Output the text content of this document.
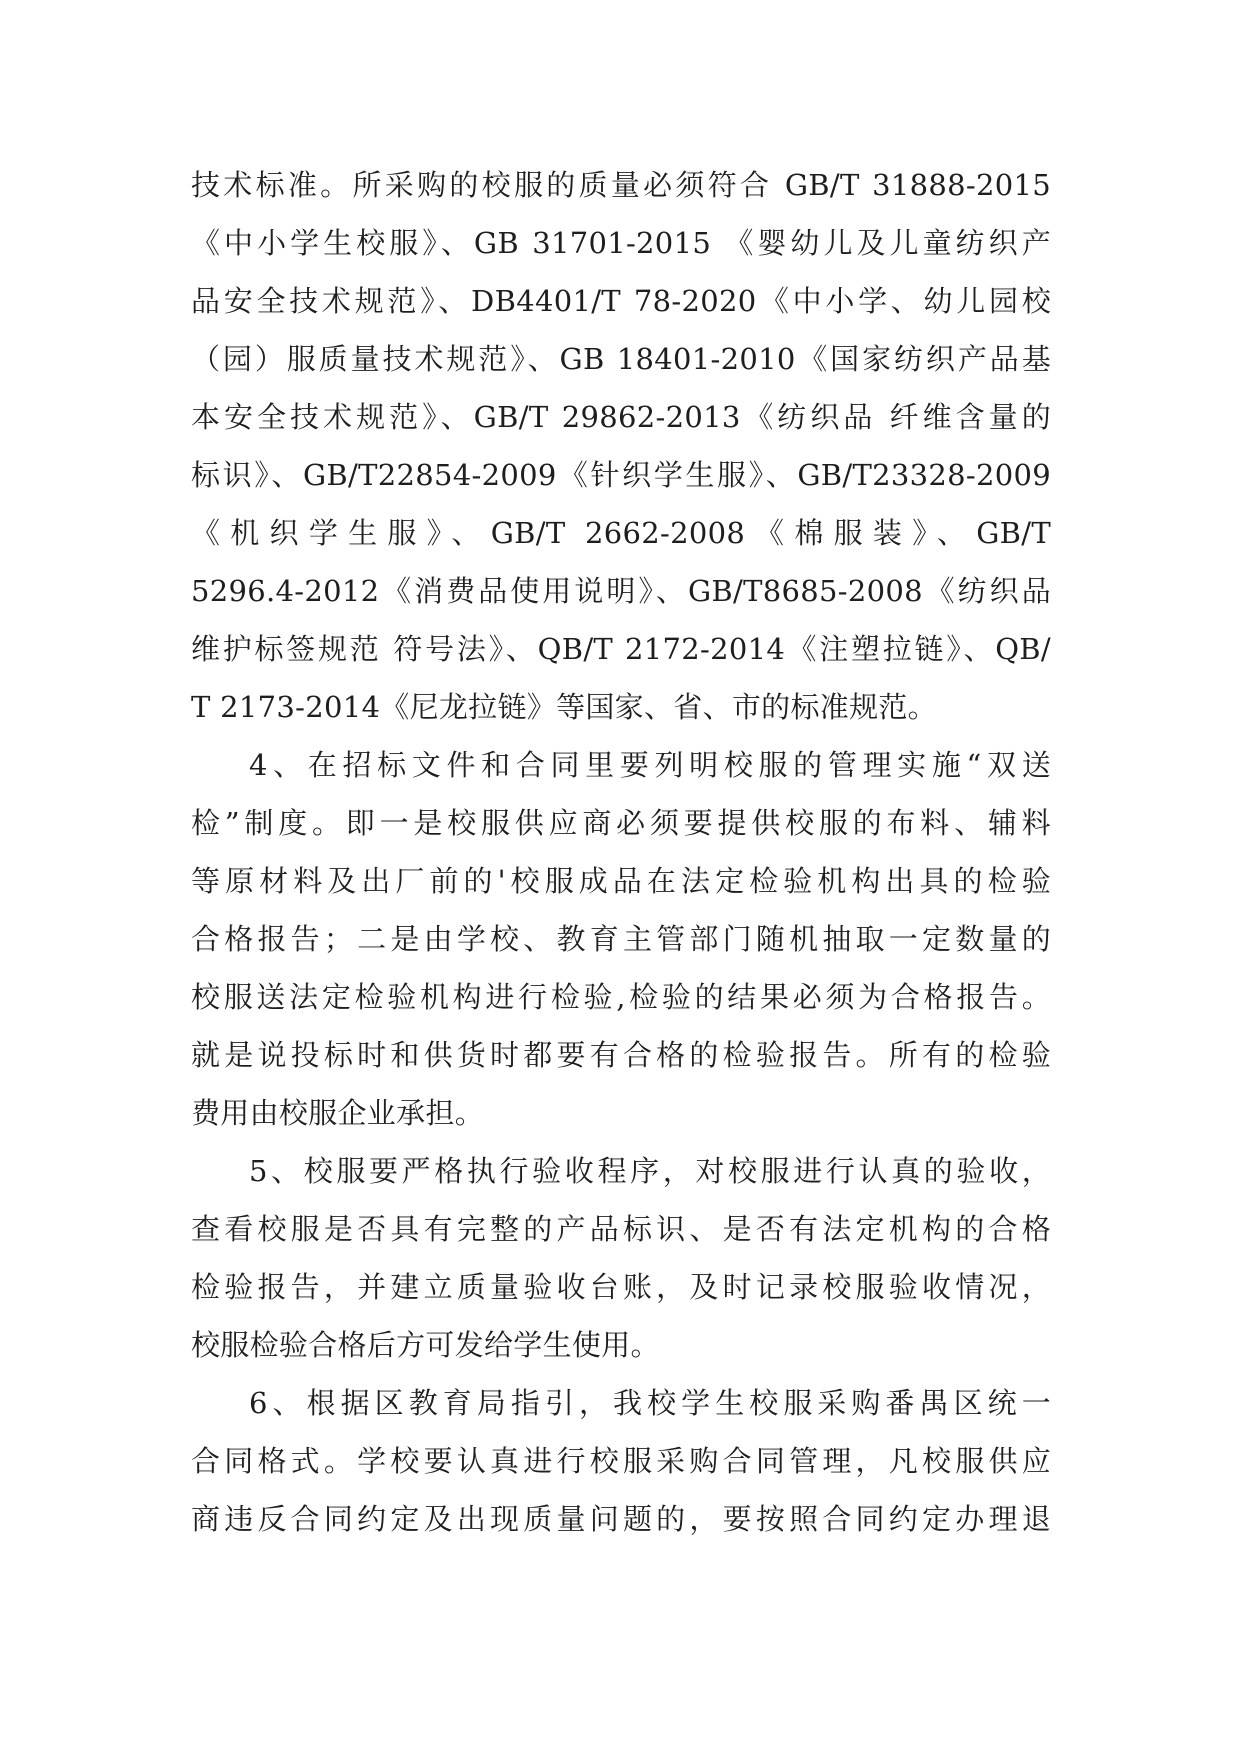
技术标准。所采购的校服的质量必须符合 GB/T 31888-2015
《中小学生校服》、GB 31701-2015 《婴幼儿及儿童纺织产
品安全技术规范》、DB4401/T 78-2020《中小学、幼儿园校
（园）服质量技术规范》、GB 18401-2010《国家纺织产品基
本安全技术规范》、GB/T 29862-2013《纺织品 纤维含量的
标识》、GB/T22854-2009《针织学生服》、GB/T23328-2009
《机织学生服》、GB/T 2662-2008《棉服装》、GB/T
5296.4-2012《消费品使用说明》、GB/T8685-2008《纺织品
维护标签规范 符号法》、QB/T 2172-2014《注塑拉链》、QB/
T 2173-2014《尼龙拉链》等国家、省、市的标准规范。
4、在招标文件和合同里要列明校服的管理实施“双送
检”制度。即一是校服供应商必须要提供校服的布料、辅料
等原材料及出厂前的'校服成品在法定检验机构出具的检验
合格报告；二是由学校、教育主管部门随机抽取一定数量的
校服送法定检验机构进行检验,检验的结果必须为合格报告。
就是说投标时和供货时都要有合格的检验报告。所有的检验
费用由校服企业承担。
5、校服要严格执行验收程序，对校服进行认真的验收，
查看校服是否具有完整的产品标识、是否有法定机构的合格
检验报告，并建立质量验收台账，及时记录校服验收情况，
校服检验合格后方可发给学生使用。
6、根据区教育局指引，我校学生校服采购番禺区统一
合同格式。学校要认真进行校服采购合同管理，凡校服供应
商违反合同约定及出现质量问题的，要按照合同约定办理退
